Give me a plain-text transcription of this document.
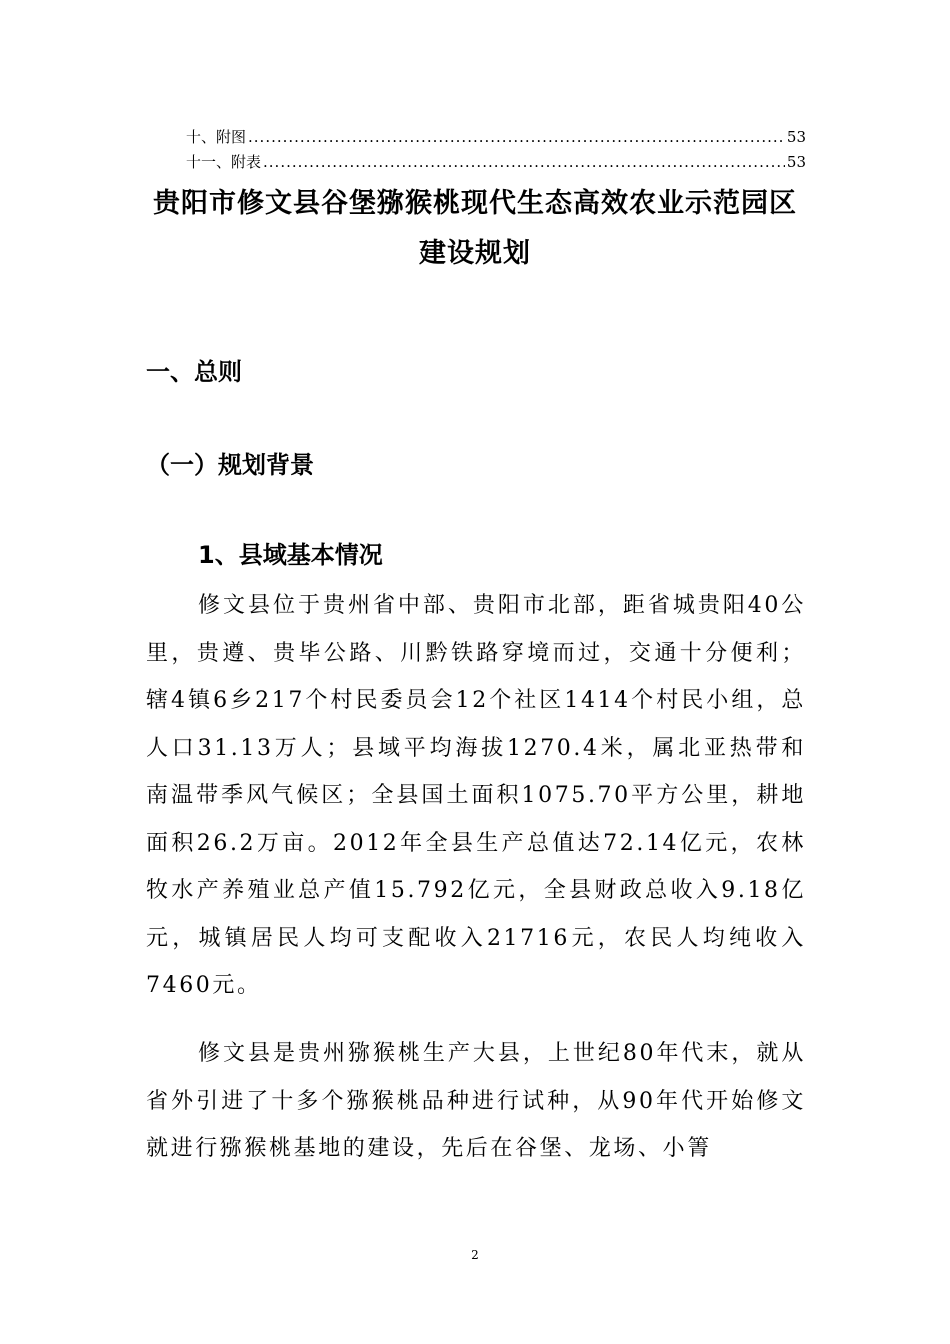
十、附图 .....	53
十一、附表 .....	53
贵阳市修文县谷堡猕猴桃现代生态高效农业示范园区
建设规划
一、总则
（一）规划背景
1、县域基本情况
修文县位于贵州省中部、贵阳市北部，距省城贵阳40公里，贵遵、贵毕公路、川黔铁路穿境而过，交通十分便利；辖4镇6乡217个村民委员会12个社区1414个村民小组，总人口31.13万人；县域平均海拔1270.4米，属北亚热带和南温带季风气候区；全县国土面积1075.70平方公里，耕地面积26.2万亩。2012年全县生产总值达72.14亿元，农林牧水产养殖业总产值15.792亿元，全县财政总收入9.18亿元，城镇居民人均可支配收入21716元，农民人均纯收入7460元。
修文县是贵州猕猴桃生产大县，上世纪80年代末，就从省外引进了十多个猕猴桃品种进行试种，从90年代开始修文就进行猕猴桃基地的建设，先后在谷堡、龙场、小箐
2
